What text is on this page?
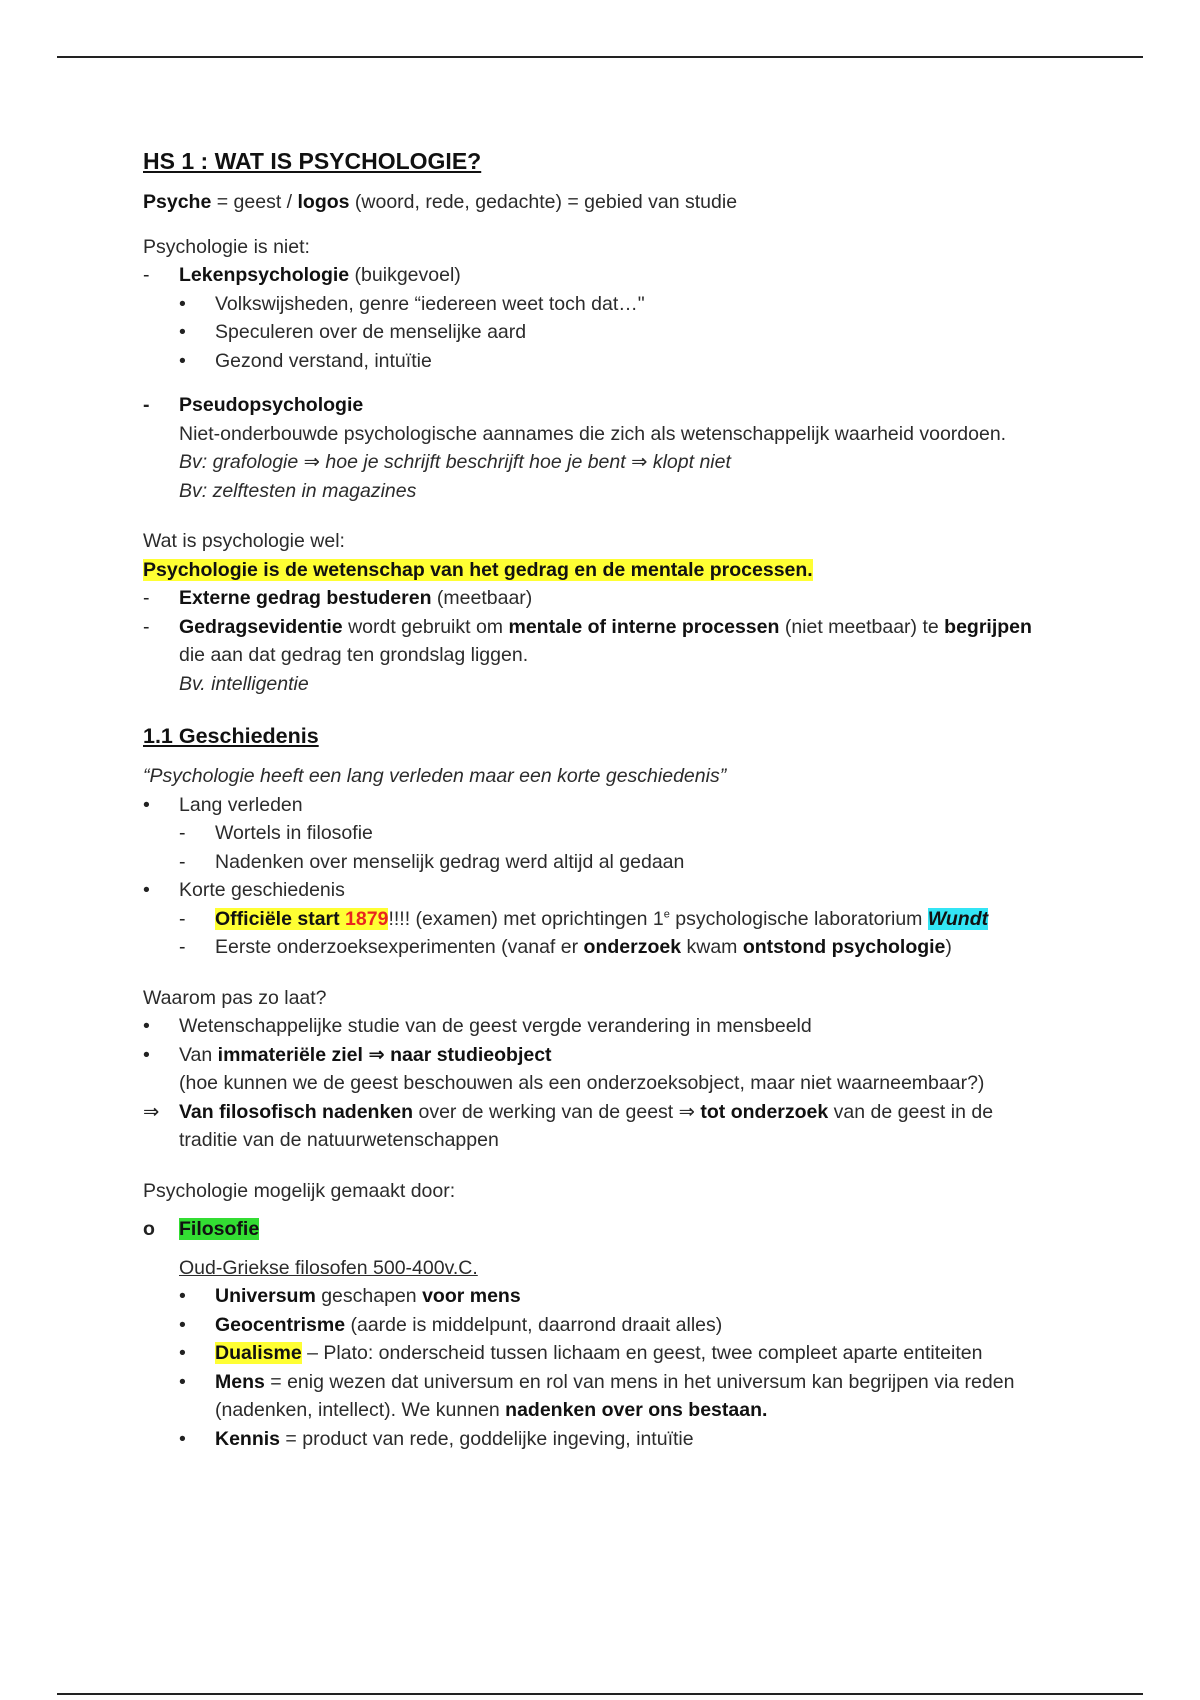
HS 1 : WAT IS PSYCHOLOGIE?
Psyche = geest / logos (woord, rede, gedachte) = gebied van studie
Psychologie is niet:
- Lekenpsychologie (buikgevoel)
• Volkswijsheden, genre “iedereen weet toch dat…"
• Speculeren over de menselijke aard
• Gezond verstand, intuïtie
- Pseudopsychologie
Niet-onderbouwde psychologische aannames die zich als wetenschappelijk waarheid voordoen.
Bv: grafologie ⇒ hoe je schrijft beschrijft hoe je bent ⇒ klopt niet
Bv: zelftesten in magazines
Wat is psychologie wel:
Psychologie is de wetenschap van het gedrag en de mentale processen.
- Externe gedrag bestuderen (meetbaar)
- Gedragsevidentie wordt gebruikt om mentale of interne processen (niet meetbaar) te begrijpen
die aan dat gedrag ten grondslag liggen.
Bv. intelligentie
1.1 Geschiedenis
“Psychologie heeft een lang verleden maar een korte geschiedenis”
• Lang verleden
- Wortels in filosofie
- Nadenken over menselijk gedrag werd altijd al gedaan
• Korte geschiedenis
- Officiële start 1879!!!! (examen) met oprichtingen 1e psychologische laboratorium Wundt
- Eerste onderzoeksexperimenten (vanaf er onderzoek kwam ontstond psychologie)
Waarom pas zo laat?
• Wetenschappelijke studie van de geest vergde verandering in mensbeeld
• Van immateriële ziel ⇒ naar studieobject
(hoe kunnen we de geest beschouwen als een onderzoeksobject, maar niet waarneembaar?)
⇒ Van filosofisch nadenken over de werking van de geest ⇒ tot onderzoek van de geest in de
traditie van de natuurwetenschappen
Psychologie mogelijk gemaakt door:
o Filosofie
Oud-Griekse filosofen 500-400v.C.
• Universum geschapen voor mens
• Geocentrisme (aarde is middelpunt, daarrond draait alles)
• Dualisme – Plato: onderscheid tussen lichaam en geest, twee compleet aparte entiteiten
• Mens = enig wezen dat universum en rol van mens in het universum kan begrijpen via reden
(nadenken, intellect). We kunnen nadenken over ons bestaan.
• Kennis = product van rede, goddelijke ingeving, intuïtie
